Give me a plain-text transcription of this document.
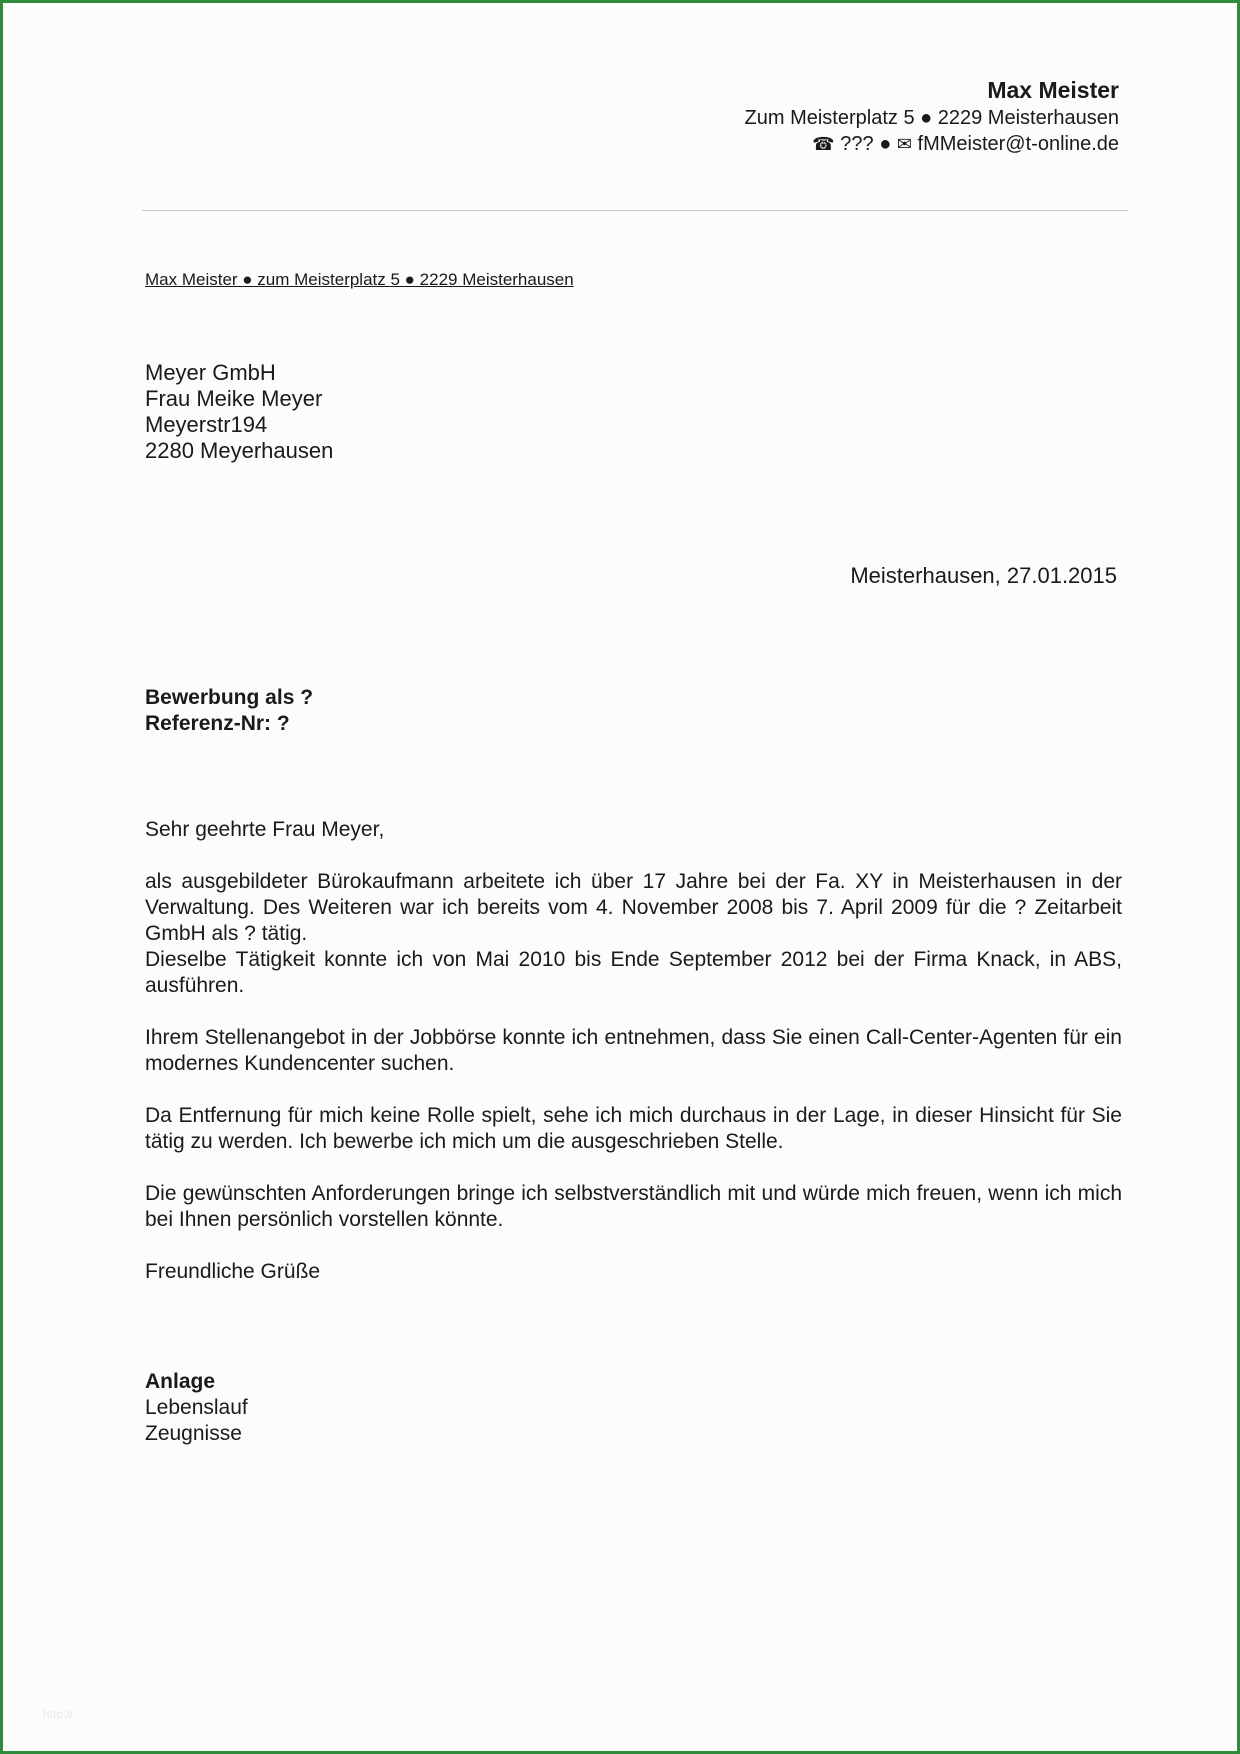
Max Meister
Zum Meisterplatz 5 ● 2229 Meisterhausen
☎ ??? ● ✉ fMMeister@t-online.de
Max Meister ● zum Meisterplatz 5 ● 2229 Meisterhausen
Meyer GmbH
Frau Meike Meyer
Meyerstr194
2280 Meyerhausen
Meisterhausen, 27.01.2015
Bewerbung als ?
Referenz-Nr: ?

Sehr geehrte Frau Meyer,

als ausgebildeter Bürokaufmann arbeitete ich über 17 Jahre bei der Fa. XY in Meisterhausen in der Verwaltung. Des Weiteren war ich bereits vom 4. November 2008 bis 7. April 2009 für die ? Zeitarbeit GmbH als ? tätig.

Dieselbe Tätigkeit konnte ich von Mai 2010 bis Ende September 2012 bei der Firma Knack, in ABS, ausführen.

Ihrem Stellenangebot in der Jobbörse konnte ich entnehmen, dass Sie einen Call-Center-Agenten für ein modernes Kundencenter suchen.

Da Entfernung für mich keine Rolle spielt, sehe ich mich durchaus in der Lage, in dieser Hinsicht für Sie tätig zu werden. Ich bewerbe ich mich um die ausgeschrieben Stelle.

Die gewünschten Anforderungen bringe ich selbstverständlich mit und würde mich freuen, wenn ich mich bei Ihnen persönlich vorstellen könnte.

Freundliche Grüße

Anlage
Lebenslauf
Zeugnisse
http://
